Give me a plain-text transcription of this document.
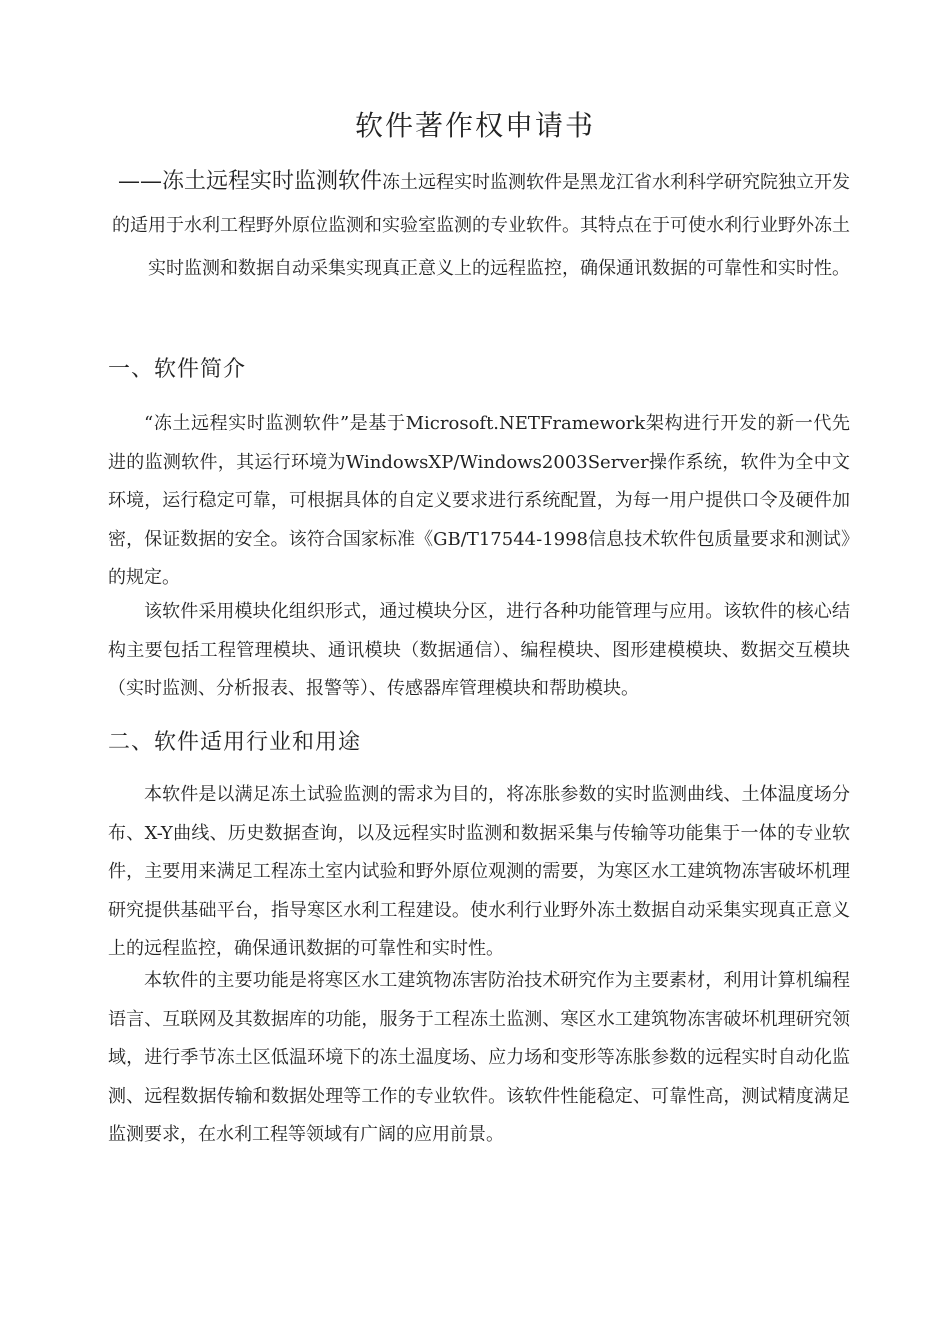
软件著作权申请书
——冻土远程实时监测软件冻土远程实时监测软件是黑龙江省水利科学研究院独立开发的适用于水利工程野外原位监测和实验室监测的专业软件。其特点在于可使水利行业野外冻土实时监测和数据自动采集实现真正意义上的远程监控，确保通讯数据的可靠性和实时性。
一、软件简介

“冻土远程实时监测软件”是基于Microsoft.NETFramework架构进行开发的新一代先进的监测软件，其运行环境为WindowsXP/Windows2003Server操作系统，软件为全中文环境，运行稳定可靠，可根据具体的自定义要求进行系统配置，为每一用户提供口令及硬件加密，保证数据的安全。该符合国家标准《GB/T17544-1998信息技术软件包质量要求和测试》的规定。

该软件采用模块化组织形式，通过模块分区，进行各种功能管理与应用。该软件的核心结构主要包括工程管理模块、通讯模块（数据通信）、编程模块、图形建模模块、数据交互模块（实时监测、分析报表、报警等）、传感器库管理模块和帮助模块。

二、软件适用行业和用途

本软件是以满足冻土试验监测的需求为目的，将冻胀参数的实时监测曲线、土体温度场分布、X-Y曲线、历史数据查询，以及远程实时监测和数据采集与传输等功能集于一体的专业软件，主要用来满足工程冻土室内试验和野外原位观测的需要，为寒区水工建筑物冻害破坏机理研究提供基础平台，指导寒区水利工程建设。使水利行业野外冻土数据自动采集实现真正意义上的远程监控，确保通讯数据的可靠性和实时性。

本软件的主要功能是将寒区水工建筑物冻害防治技术研究作为主要素材，利用计算机编程语言、互联网及其数据库的功能，服务于工程冻土监测、寒区水工建筑物冻害破坏机理研究领域，进行季节冻土区低温环境下的冻土温度场、应力场和变形等冻胀参数的远程实时自动化监测、远程数据传输和数据处理等工作的专业软件。该软件性能稳定、可靠性高，测试精度满足监测要求，在水利工程等领域有广阔的应用前景。
